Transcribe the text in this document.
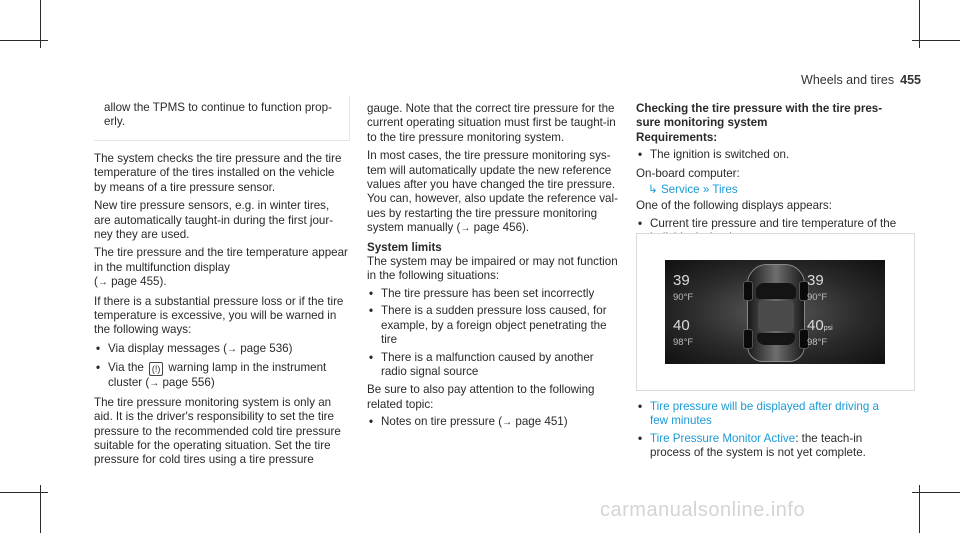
Wheels and tires 455

allow the TPMS to continue to function prop-erly.

The system checks the tire pressure and the tire temperature of the tires installed on the vehicle by means of a tire pressure sensor.

New tire pressure sensors, e.g. in winter tires, are automatically taught-in during the first jour-ney they are used.

The tire pressure and the tire temperature appear in the multifunction display
(→ page 455).

If there is a substantial pressure loss or if the tire temperature is excessive, you will be warned in the following ways:

• Via display messages (→ page 536)
• Via the (!) warning lamp in the instrument cluster (→ page 556)

The tire pressure monitoring system is only an aid. It is the driver's responsibility to set the tire pressure to the recommended cold tire pressure suitable for the operating situation. Set the tire pressure for cold tires using a tire pressure

gauge. Note that the correct tire pressure for the current operating situation must first be taught-in to the tire pressure monitoring system.

In most cases, the tire pressure monitoring sys-tem will automatically update the new reference values after you have changed the tire pressure. You can, however, also update the reference val-ues by restarting the tire pressure monitoring system manually (→ page 456).

System limits

The system may be impaired or may not function in the following situations:

• The tire pressure has been set incorrectly
• There is a sudden pressure loss caused, for example, by a foreign object penetrating the tire
• There is a malfunction caused by another radio signal source

Be sure to also pay attention to the following related topic:

• Notes on tire pressure (→ page 451)

Checking the tire pressure with the tire pres-sure monitoring system

Requirements:

• The ignition is switched on.

On-board computer:

↳ Service » Tires

One of the following displays appears:

• Current tire pressure and tire temperature of the
39
90°F
39
90°F
40
98°F
40psi
98°F
• Tire pressure will be displayed after driving a few minutes
• Tire Pressure Monitor Active: the teach-in process of the system is not yet complete.
carmanualsonline.info
